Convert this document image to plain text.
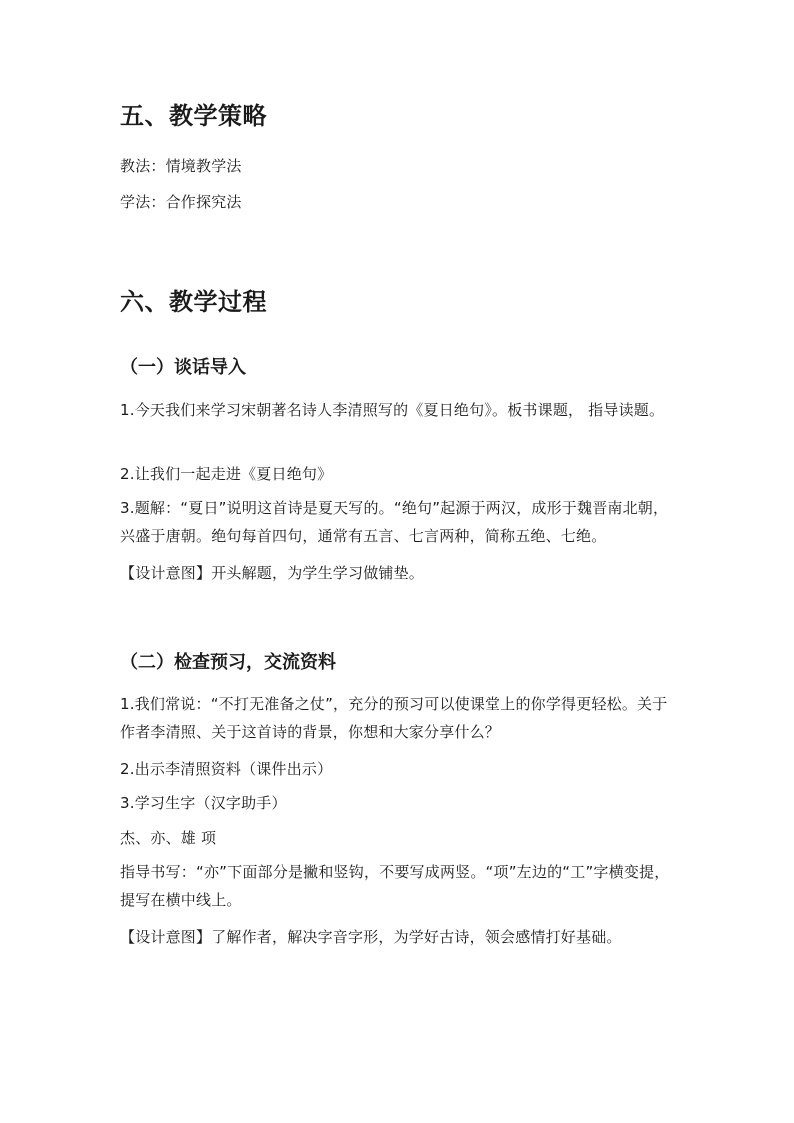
五、教学策略

教法：情境教学法

学法：合作探究法

六、教学过程
（一）谈话导入

1.今天我们来学习宋朝著名诗人李清照写的《夏日绝句》。板书课题， 指导读题。

2.让我们一起走进《夏日绝句》

3.题解：“夏日”说明这首诗是夏天写的。“绝句”起源于两汉，成形于魏晋南北朝，兴盛于唐朝。绝句每首四句，通常有五言、七言两种，简称五绝、七绝。

【设计意图】开头解题，为学生学习做铺垫。

（二）检查预习，交流资料

1.我们常说：“不打无准备之仗”，充分的预习可以使课堂上的你学得更轻松。关于作者李清照、关于这首诗的背景，你想和大家分享什么？

2.出示李清照资料（课件出示）

3.学习生字（汉字助手）

杰、亦、雄 项

指导书写：“亦”下面部分是撇和竖钩，不要写成两竖。“项”左边的“工”字横变提，提写在横中线上。

【设计意图】了解作者，解决字音字形，为学好古诗，领会感情打好基础。
